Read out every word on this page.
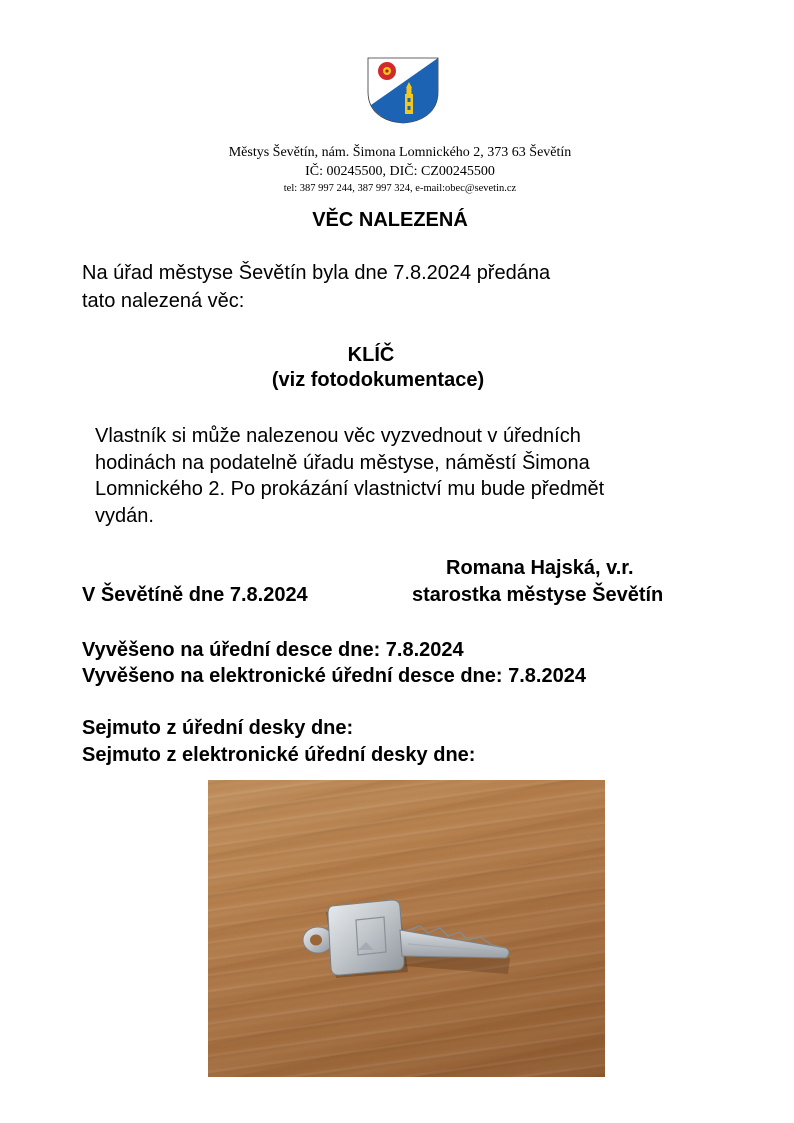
Městys Ševětín, nám. Šimona Lomnického 2, 373 63 Ševětín
IČ: 00245500, DIČ: CZ00245500
tel: 387 997 244, 387 997 324, e-mail:obec@sevetin.cz
VĚC NALEZENÁ
Na úřad městyse Ševětín byla dne 7.8.2024 předána
tato nalezená věc:
KLÍČ
(viz fotodokumentace)
Vlastník si může nalezenou věc vyzvednout v úředních
hodinách na podatelně úřadu městyse, náměstí Šimona
Lomnického 2. Po prokázání vlastnictví mu bude předmět
vydán.
Romana Hajská, v.r.
V Ševětíně dne 7.8.2024	starostka městyse Ševětín
Vyvěšeno na úřední desce dne: 7.8.2024
Vyvěšeno na elektronické úřední desce dne: 7.8.2024
Sejmuto z úřední desky dne:
Sejmuto z elektronické úřední desky dne:
